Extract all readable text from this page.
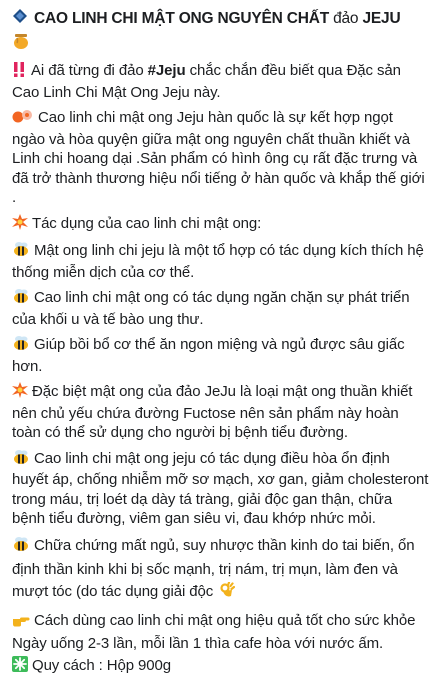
CAO LINH CHI MẬT ONG NGUYÊN CHẤT đảo JEJU

Ai đã từng đi đảo #Jeju chắc chắn đều biết qua Đặc sản Cao Linh Chi Mật Ong Jeju này.

Cao linh chi mật ong Jeju hàn quốc là sự kết hợp ngọt ngào và hòa quyện giữa mật ong nguyên chất thuần khiết và Linh chi hoang dại .Sản phẩm có hình ông cụ rất đặc trưng và đã trở thành thương hiệu nổi tiếng ở hàn quốc và khắp thế giới .

Tác dụng của cao linh chi mật ong:

Mật ong linh chi jeju là một tổ hợp có tác dụng kích thích hệ thống miễn dịch của cơ thể.

Cao linh chi mật ong có tác dụng ngăn chặn sự phát triển của khối u và tế bào ung thư.

Giúp bồi bổ cơ thể ăn ngon miệng và ngủ được sâu giấc hơn.

Đặc biệt mật ong của đảo JeJu là loại mật ong thuần khiết nên chủ yếu chứa đường Fuctose nên sản phẩm này hoàn toàn có thể sử dụng cho người bị bệnh tiểu đường.

Cao linh chi mật ong jeju có tác dụng điều hòa ổn định huyết áp, chống nhiễm mỡ sơ mạch, xơ gan, giảm cholesteront trong máu, trị loét dạ dày tá tràng, giải độc gan thận, chữa bệnh tiểu đường, viêm gan siêu vi, đau khớp nhức mỏi.

Chữa chứng mất ngủ, suy nhược thần kinh do tai biến, ổn định thần kinh khi bị sốc mạnh, trị nám, trị mụn, làm đen và mượt tóc (do tác dụng giải độc

Cách dùng cao linh chi mật ong hiệu quả tốt cho sức khỏe

Ngày uống 2-3 lần, mỗi lần 1 thìa cafe hòa với nước ấm.

Quy cách : Hộp 900g
